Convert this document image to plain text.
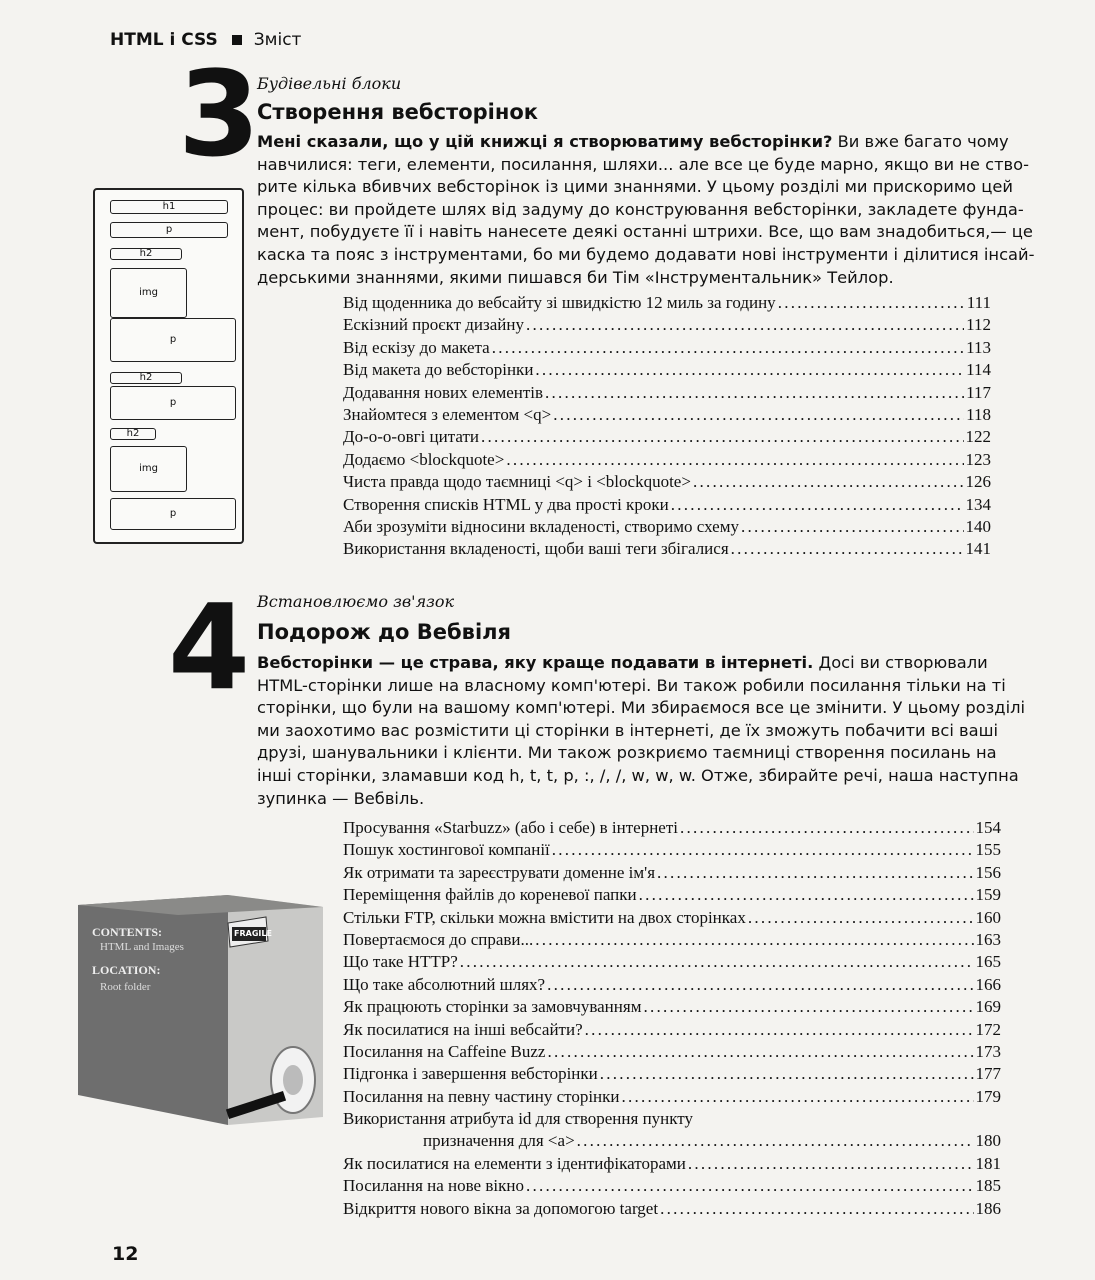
HTML і CSS Зміст
3 Будівельні блоки
Створення вебсторінок
Мені сказали, що у цій книжці я створюватиму вебсторінки? Ви вже багато чому
навчилися: теги, елементи, посилання, шляхи... але все це буде марно, якщо ви не ство-
рите кілька вбивчих вебсторінок із цими знаннями. У цьому розділі ми прискоримо цей
процес: ви пройдете шлях від задуму до конструювання вебсторінки, закладете фунда-
мент, побудуєте її і навіть нанесете деякі останні штрихи. Все, що вам знадобиться,— це
каска та пояс з інструментами, бо ми будемо додавати нові інструменти і ділитися інсай-
дерськими знаннями, якими пишався би Тім «Інструментальник» Тейлор.
h1
p
h2
img
p
h2
p
h2
img
p
Від щоденника до вебсайту зі швидкістю 12 миль за годину . . .	111
Ескізний проєкт дизайну . . .	112
Від ескізу до макета . . .	113
Від макета до вебсторінки . . .	114
Додавання нових елементів . . .	117
Знайомтеся з елементом <q> . . .	118
До-о-о-овгі цитати . . .	122
Додаємо <blockquote> . . .	123
Чиста правда щодо таємниці <q> і <blockquote> . . .	126
Створення списків HTML у два прості кроки . . .	134
Аби зрозуміти відносини вкладеності, створимо схему . . .	140
Використання вкладеності, щоби ваші теги збігалися . . .	141
4 Встановлюємо зв'язок
Подорож до Вебвіля
Вебсторінки — це страва, яку краще подавати в інтернеті. Досі ви створювали
HTML-сторінки лише на власному комп'ютері. Ви також робили посилання тільки на ті
сторінки, що були на вашому комп'ютері. Ми збираємося все це змінити. У цьому розділі
ми заохотимо вас розмістити ці сторінки в інтернеті, де їх зможуть побачити всі ваші
друзі, шанувальники і клієнти. Ми також розкриємо таємниці створення посилань на
інші сторінки, зламавши код h, t, t, p, :, /, /, w, w, w. Отже, збирайте речі, наша наступна
зупинка — Вебвіль.
CONTENTS:
HTML and Images
LOCATION:
Root folder
FRAGILE
Просування «Starbuzz» (або і себе) в інтернеті . . .	154
Пошук хостингової компанії . . .	155
Як отримати та зареєструвати доменне ім'я . . .	156
Переміщення файлів до кореневої папки . . .	159
Стільки FTP, скільки можна вмістити на двох сторінках . . .	160
Повертаємося до справи... . . .	163
Що таке HTTP? . . .	165
Що таке абсолютний шлях? . . .	166
Як працюють сторінки за замовчуванням . . .	169
Як посилатися на інші вебсайти? . . .	172
Посилання на Caffeine Buzz . . .	173
Підгонка і завершення вебсторінки . . .	177
Посилання на певну частину сторінки . . .	179
Використання атрибута id для створення пункту
призначення для <a> . . .	180
Як посилатися на елементи з ідентифікаторами . . .	181
Посилання на нове вікно . . .	185
Відкриття нового вікна за допомогою target . . .	186
12
